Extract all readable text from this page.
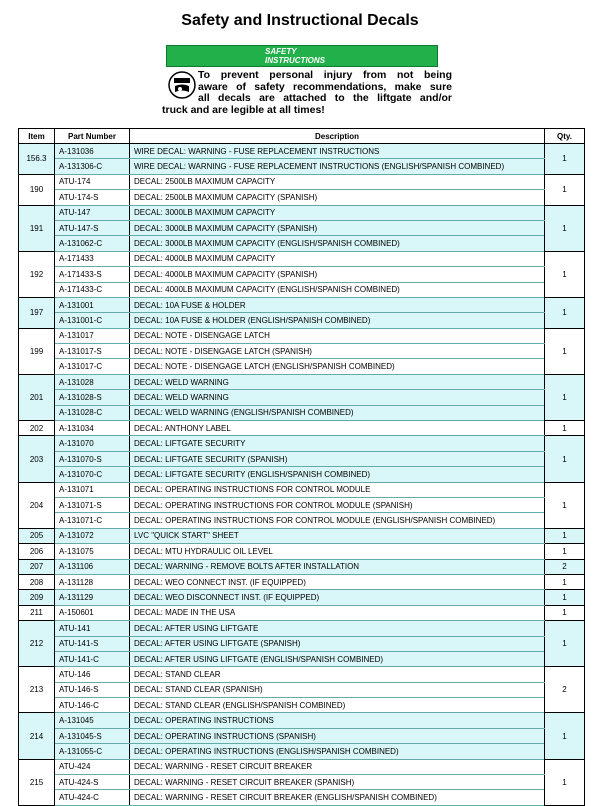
Safety and Instructional Decals
SAFETY
INSTRUCTIONS
To prevent personal injury from not being
aware of safety recommendations, make sure
all decals are attached to the liftgate and/or
truck and are legible at all times!
Item	Part Number	Description	Qty.
156.3	A-131036	WIRE DECAL: WARNING - FUSE REPLACEMENT INSTRUCTIONS	1
	A-131306-C	WIRE DECAL: WARNING - FUSE REPLACEMENT INSTRUCTIONS (ENGLISH/SPANISH COMBINED)	
190	ATU-174	DECAL: 2500LB MAXIMUM CAPACITY	1
	ATU-174-S	DECAL: 2500LB MAXIMUM CAPACITY (SPANISH)	
191	ATU-147	DECAL: 3000LB MAXIMUM CAPACITY	1
	ATU-147-S	DECAL: 3000LB MAXIMUM CAPACITY (SPANISH)	
	A-131062-C	DECAL: 3000LB MAXIMUM CAPACITY (ENGLISH/SPANISH COMBINED)	
192	A-171433	DECAL: 4000LB MAXIMUM CAPACITY	1
	A-171433-S	DECAL: 4000LB MAXIMUM CAPACITY (SPANISH)	
	A-171433-C	DECAL: 4000LB MAXIMUM CAPACITY (ENGLISH/SPANISH COMBINED)	
197	A-131001	DECAL: 10A FUSE & HOLDER	1
	A-131001-C	DECAL: 10A FUSE & HOLDER (ENGLISH/SPANISH COMBINED)	
199	A-131017	DECAL: NOTE - DISENGAGE LATCH	1
	A-131017-S	DECAL: NOTE - DISENGAGE LATCH (SPANISH)	
	A-131017-C	DECAL: NOTE - DISENGAGE LATCH (ENGLISH/SPANISH COMBINED)	
201	A-131028	DECAL: WELD WARNING	1
	A-131028-S	DECAL: WELD WARNING	
	A-131028-C	DECAL: WELD WARNING (ENGLISH/SPANISH COMBINED)	
202	A-131034	DECAL: ANTHONY LABEL	1
203	A-131070	DECAL: LIFTGATE SECURITY	1
	A-131070-S	DECAL: LIFTGATE SECURITY (SPANISH)	
	A-131070-C	DECAL: LIFTGATE SECURITY (ENGLISH/SPANISH COMBINED)	
204	A-131071	DECAL: OPERATING INSTRUCTIONS FOR CONTROL MODULE	1
	A-131071-S	DECAL: OPERATING INSTRUCTIONS FOR CONTROL MODULE (SPANISH)	
	A-131071-C	DECAL: OPERATING INSTRUCTIONS FOR CONTROL MODULE (ENGLISH/SPANISH COMBINED)	
205	A-131072	LVC "QUICK START" SHEET	1
206	A-131075	DECAL: MTU HYDRAULIC OIL LEVEL	1
207	A-131106	DECAL: WARNING - REMOVE BOLTS AFTER INSTALLATION	2
208	A-131128	DECAL: WEO CONNECT INST. (IF EQUIPPED)	1
209	A-131129	DECAL: WEO DISCONNECT INST. (IF EQUIPPED)	1
211	A-150601	DECAL: MADE IN THE USA	1
212	ATU-141	DECAL: AFTER USING LIFTGATE	1
	ATU-141-S	DECAL: AFTER USING LIFTGATE (SPANISH)	
	ATU-141-C	DECAL: AFTER USING LIFTGATE (ENGLISH/SPANISH COMBINED)	
213	ATU-146	DECAL: STAND CLEAR	2
	ATU-146-S	DECAL: STAND CLEAR (SPANISH)	
	ATU-146-C	DECAL: STAND CLEAR (ENGLISH/SPANISH COMBINED)	
214	A-131045	DECAL: OPERATING INSTRUCTIONS	1
	A-131045-S	DECAL: OPERATING INSTRUCTIONS (SPANISH)	
	A-131055-C	DECAL: OPERATING INSTRUCTIONS (ENGLISH/SPANISH COMBINED)	
215	ATU-424	DECAL: WARNING - RESET CIRCUIT BREAKER	1
	ATU-424-S	DECAL: WARNING - RESET CIRCUIT BREAKER (SPANISH)	
	ATU-424-C	DECAL: WARNING - RESET CIRCUIT BREAKER (ENGLISH/SPANISH COMBINED)	
